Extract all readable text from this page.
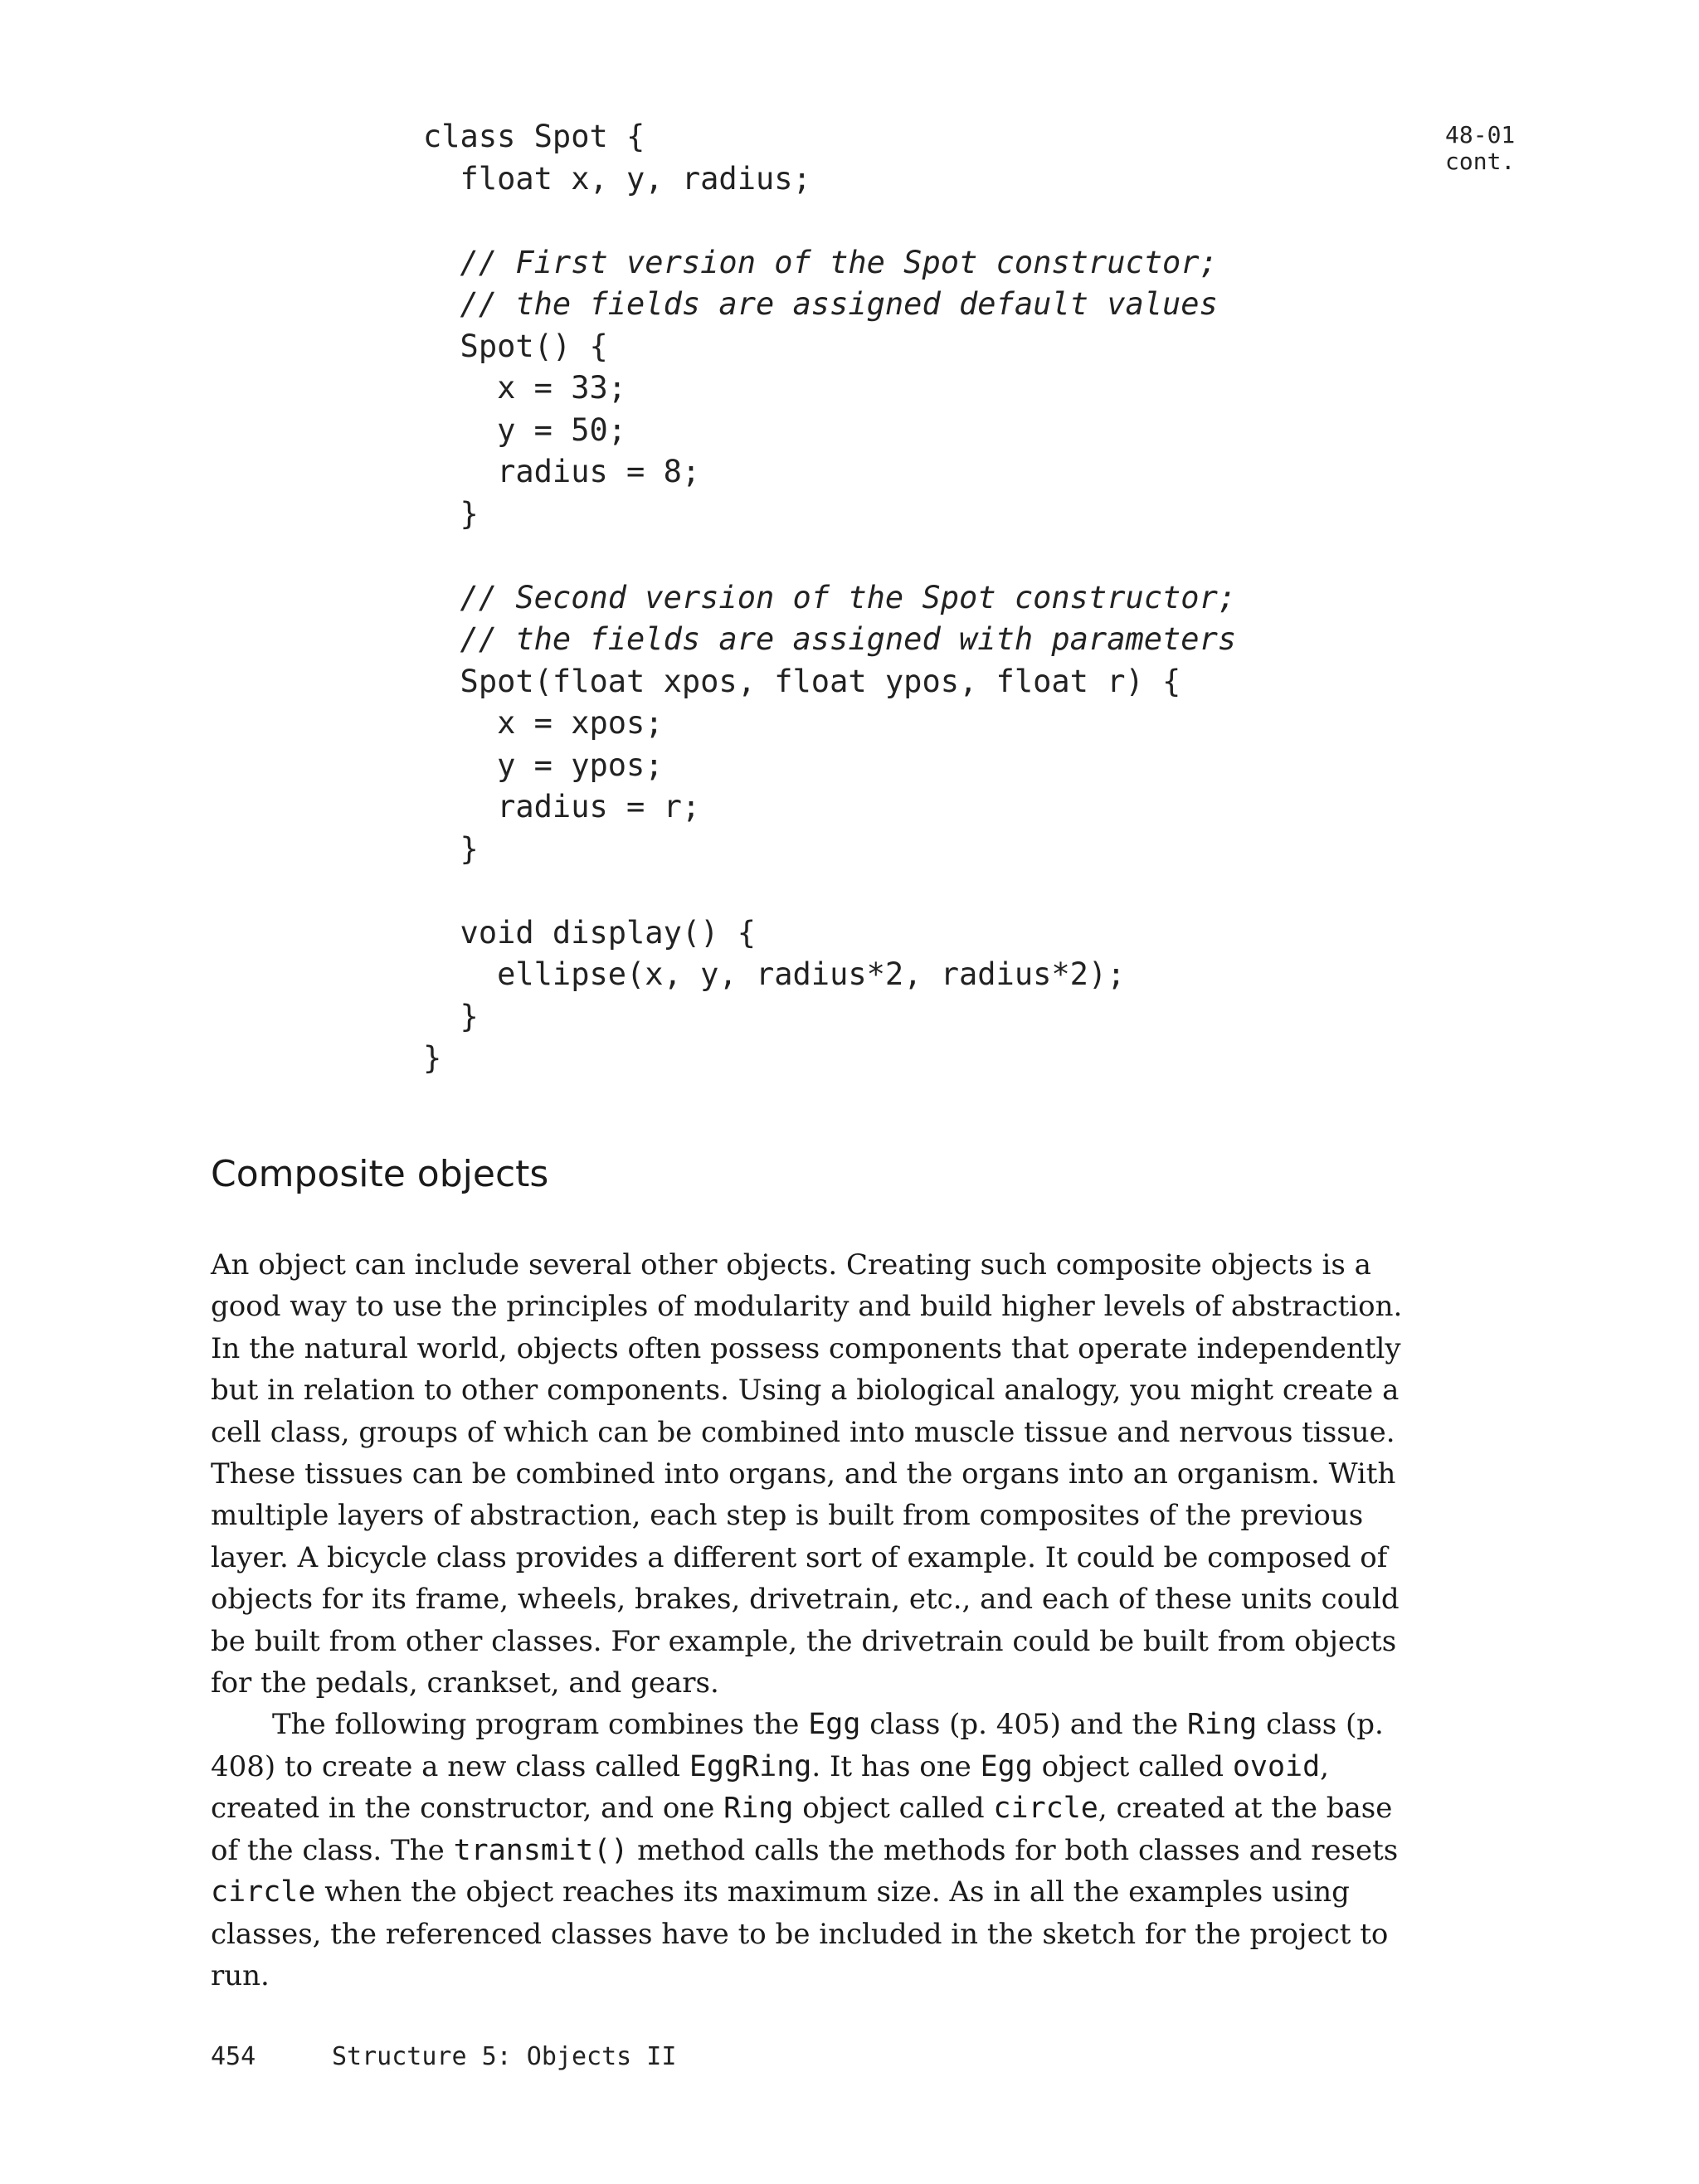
class Spot {
float x, y, radius;
// First version of the Spot constructor;
// the fields are assigned default values
Spot() {
x = 33;
y = 50;
radius = 8;
}
// Second version of the Spot constructor;
// the fields are assigned with parameters
Spot(float xpos, float ypos, float r) {
x = xpos;
y = ypos;
radius = r;
}
void display() {
ellipse(x, y, radius*2, radius*2);
}
}
48-01
cont.
Composite objects

An object can include several other objects. Creating such composite objects is a good way to use the principles of modularity and build higher levels of abstraction. In the natural world, objects often possess components that operate independently but in relation to other components. Using a biological analogy, you might create a cell class, groups of which can be combined into muscle tissue and nervous tissue. These tissues can be combined into organs, and the organs into an organism. With multiple layers of abstraction, each step is built from composites of the previous layer. A bicycle class provides a different sort of example. It could be composed of objects for its frame, wheels, brakes, drivetrain, etc., and each of these units could be built from other classes. For example, the drivetrain could be built from objects for the pedals, crankset, and gears.

The following program combines the Egg class (p. 405) and the Ring class (p. 408) to create a new class called EggRing. It has one Egg object called ovoid, created in the constructor, and one Ring object called circle, created at the base of the class. The transmit() method calls the methods for both classes and resets circle when the object reaches its maximum size. As in all the examples using classes, the referenced classes have to be included in the sketch for the project to run.

454	Structure 5: Objects II
